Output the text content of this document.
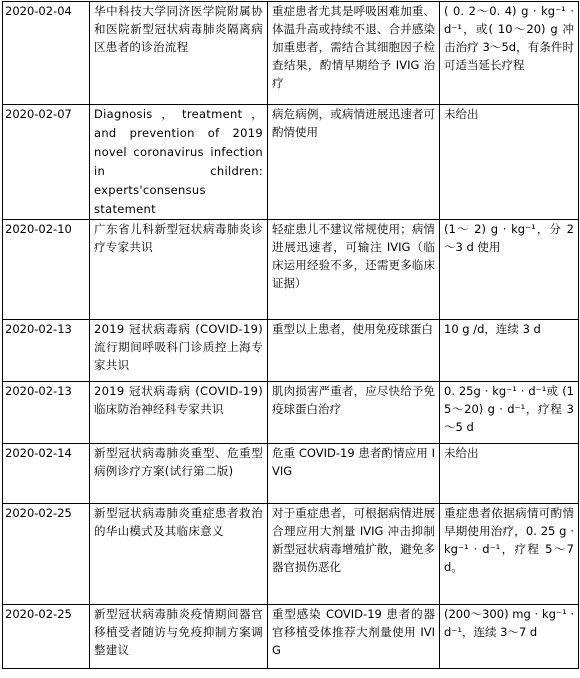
2020-02-04	华中科技大学同济医学院附属协和医院新型冠状病毒肺炎隔离病区患者的诊治流程	重症患者尤其是呼吸困难加重、体温升高或持续不退、合并感染加重患者，需结合其细胞因子检查结果，酌情早期给予 IVIG 治疗	( 0. 2～0. 4) g · kg⁻¹ · d⁻¹，或( 10～20) g 冲击治疗 3～5d，有条件时可适当延长疗程
2020-02-07	Diagnosis，treatment， and prevention of 2019 novel coronavirus infection in children: experts'consensus statement	病危病例，或病情进展迅速者可酌情使用	未给出
2020-02-10	广东省儿科新型冠状病毒肺炎诊疗专家共识	轻症患儿不建议常规使用；病情进展迅速者，可输注 IVIG（临床运用经验不多，还需更多临床证据）	(1～ 2) g · kg⁻¹，分 2～3 d 使用
2020-02-13	2019 冠状病毒病 (COVID-19) 流行期间呼吸科门诊质控上海专家共识	重型以上患者，使用免疫球蛋白	10 g /d，连续 3 d
2020-02-13	2019 冠状病毒病 (COVID-19) 临床防治神经科专家共识	肌肉损害严重者，应尽快给予免疫球蛋白治疗	0. 25g · kg⁻¹ · d⁻¹或 (15～20) g · d⁻¹，疗程 3～5 d
2020-02-14	新型冠状病毒肺炎重型、危重型病例诊疗方案(试行第二版)	危重 COVID-19 患者酌情应用 IVIG	未给出
2020-02-25	新型冠状病毒肺炎重症患者救治的华山模式及其临床意义	对于重症患者，可根据病情进展合理应用大剂量 IVIG 冲击抑制新型冠状病毒增殖扩散，避免多器官损伤恶化	重症患者依据病情可酌情早期使用治疗，0. 25 g · kg⁻¹ · d⁻¹，疗程 5～7 d。
2020-02-25	新型冠状病毒肺炎疫情期间器官移植受者随访与免疫抑制方案调整建议	重型感染 COVID-19 患者的器官移植受体推荐大剂量使用 IVIG	(200～300) mg · kg⁻¹ · d⁻¹，连续 3～7 d
